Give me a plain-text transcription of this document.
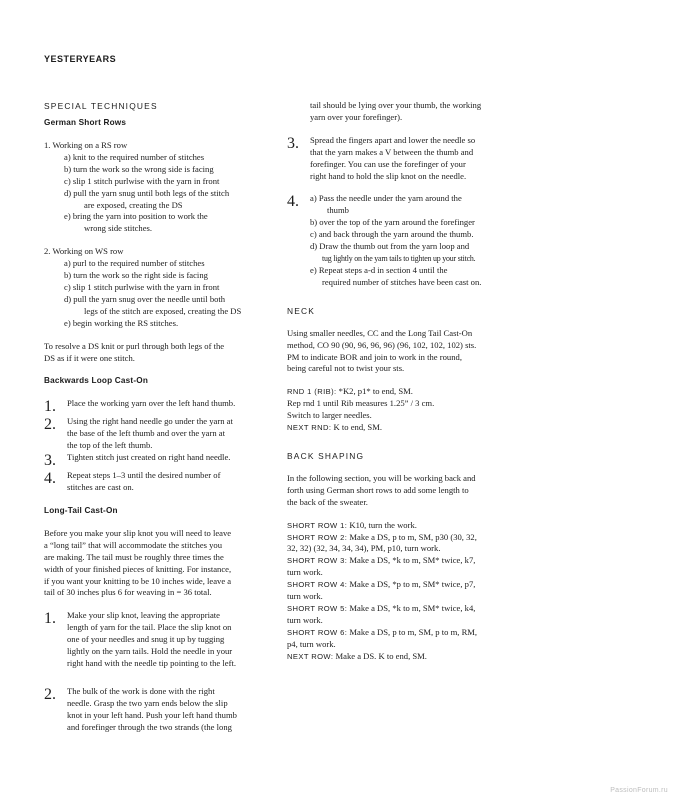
YESTERYEARS
SPECIAL TECHNIQUES
German Short Rows

1. Working on a RS row

a) knit to the required number of stitches

b) turn the work so the wrong side is facing

c) slip 1 stitch purlwise with the yarn in front

d) pull the yarn snug until both legs of the stitch

are exposed, creating the DS

e) bring the yarn into position to work the

wrong side stitches.

2. Working on WS row

a) purl to the required number of stitches

b) turn the work so the right side is facing

c) slip 1 stitch purlwise with the yarn in front

d) pull the yarn snug over the needle until both

legs of the stitch are exposed, creating the DS

e) begin working the RS stitches.

To resolve a DS knit or purl through both legs of the

DS as if it were one stitch.

Backwards Loop Cast-On
1.	Place the working yarn over the left hand thumb.

2.	Using the right hand needle go under the yarn at

the base of the left thumb and over the yarn at

the top of the left thumb.

3.	Tighten stitch just created on right hand needle.

4.	Repeat steps 1–3 until the desired number of

stitches are cast on.

Long-Tail Cast-On

Before you make your slip knot you will need to leave

a “long tail” that will accommodate the stitches you

are making. The tail must be roughly three times the

width of your finished pieces of knitting. For instance,

if you want your knitting to be 10 inches wide, leave a

tail of 30 inches plus 6 for weaving in = 36 total.

1.	Make your slip knot, leaving the appropriate

length of yarn for the tail. Place the slip knot on

one of your needles and snug it up by tugging

lightly on the yarn tails. Hold the needle in your

right hand with the needle tip pointing to the left.

2.	The bulk of the work is done with the right

needle. Grasp the two yarn ends below the slip

knot in your left hand. Push your left hand thumb

and forefinger through the two strands (the long

tail should be lying over your thumb, the working

yarn over your forefinger).

3.	Spread the fingers apart and lower the needle so

that the yarn makes a V between the thumb and

forefinger. You can use the forefinger of your

right hand to hold the slip knot on the needle.

4.	a) Pass the needle under the yarn around the

thumb

b) over the top of the yarn around the forefinger

c) and back through the yarn around the thumb.

d) Draw the thumb out from the yarn loop and

tug lightly on the yarn tails to tighten up your stitch.

e) Repeat steps a-d in section 4 until the

required number of stitches have been cast on.

NECK

Using smaller needles, CC and the Long Tail Cast-On

method, CO 90 (90, 96, 96, 96) (96, 102, 102, 102) sts.

PM to indicate BOR and join to work in the round,

being careful not to twist your sts.

RND 1 (RIB): *K2, p1* to end, SM.

Rep rnd 1 until Rib measures 1.25” / 3 cm.

Switch to larger needles.

NEXT RND: K to end, SM.

BACK SHAPING

In the following section, you will be working back and

forth using German short rows to add some length to

the back of the sweater.

SHORT ROW 1: K10, turn the work.

SHORT ROW 2: Make a DS, p to m, SM, p30 (30, 32,

32, 32) (32, 34, 34, 34), PM, p10, turn work.

SHORT ROW 3: Make a DS, *k to m, SM* twice, k7,

turn work.

SHORT ROW 4: Make a DS, *p to m, SM* twice, p7,

turn work.

SHORT ROW 5: Make a DS, *k to m, SM* twice, k4,

turn work.

SHORT ROW 6: Make a DS, p to m, SM, p to m, RM,

p4, turn work.

NEXT ROW: Make a DS. K to end, SM.

PassionForum.ru
